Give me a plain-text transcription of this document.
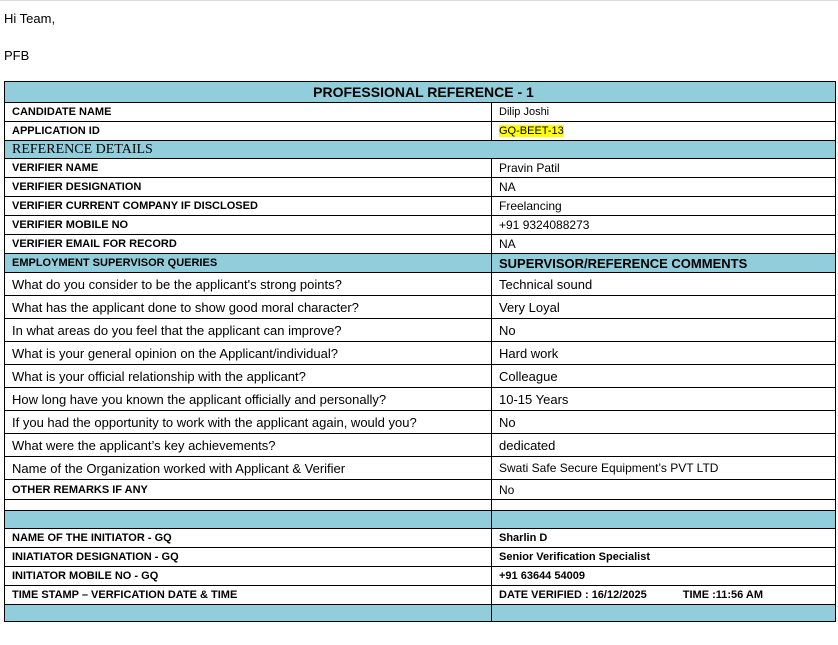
Hi Team,
PFB
PROFESSIONAL REFERENCE - 1	
CANDIDATE NAME	Dilip Joshi
APPLICATION ID	GQ-BEET-13
REFERENCE DETAILS	
VERIFIER NAME	Pravin Patil
VERIFIER DESIGNATION	NA
VERIFIER CURRENT COMPANY IF DISCLOSED	Freelancing
VERIFIER MOBILE NO	+91 9324088273
VERIFIER EMAIL FOR RECORD	NA
EMPLOYMENT SUPERVISOR QUERIES	SUPERVISOR/REFERENCE COMMENTS
What do you consider to be the applicant's strong points?	Technical sound
What has the applicant done to show good moral character?	Very Loyal
In what areas do you feel that the applicant can improve?	No
What is your general opinion on the Applicant/individual?	Hard work
What is your official relationship with the applicant?	Colleague
How long have you known the applicant officially and personally?	10-15 Years
If you had the opportunity to work with the applicant again, would you?	No
What were the applicant’s key achievements?	dedicated
Name of the Organization worked with Applicant & Verifier	Swati Safe Secure Equipment’s PVT LTD
OTHER REMARKS IF ANY	No

NAME OF THE INITIATOR - GQ	Sharlin D
INIATIATOR DESIGNATION - GQ	Senior Verification Specialist
INITIATOR MOBILE NO - GQ	+91 63644 54009
TIME STAMP – VERFICATION DATE & TIME	DATE VERIFIED : 16/12/2025 TIME :11:56 AM
